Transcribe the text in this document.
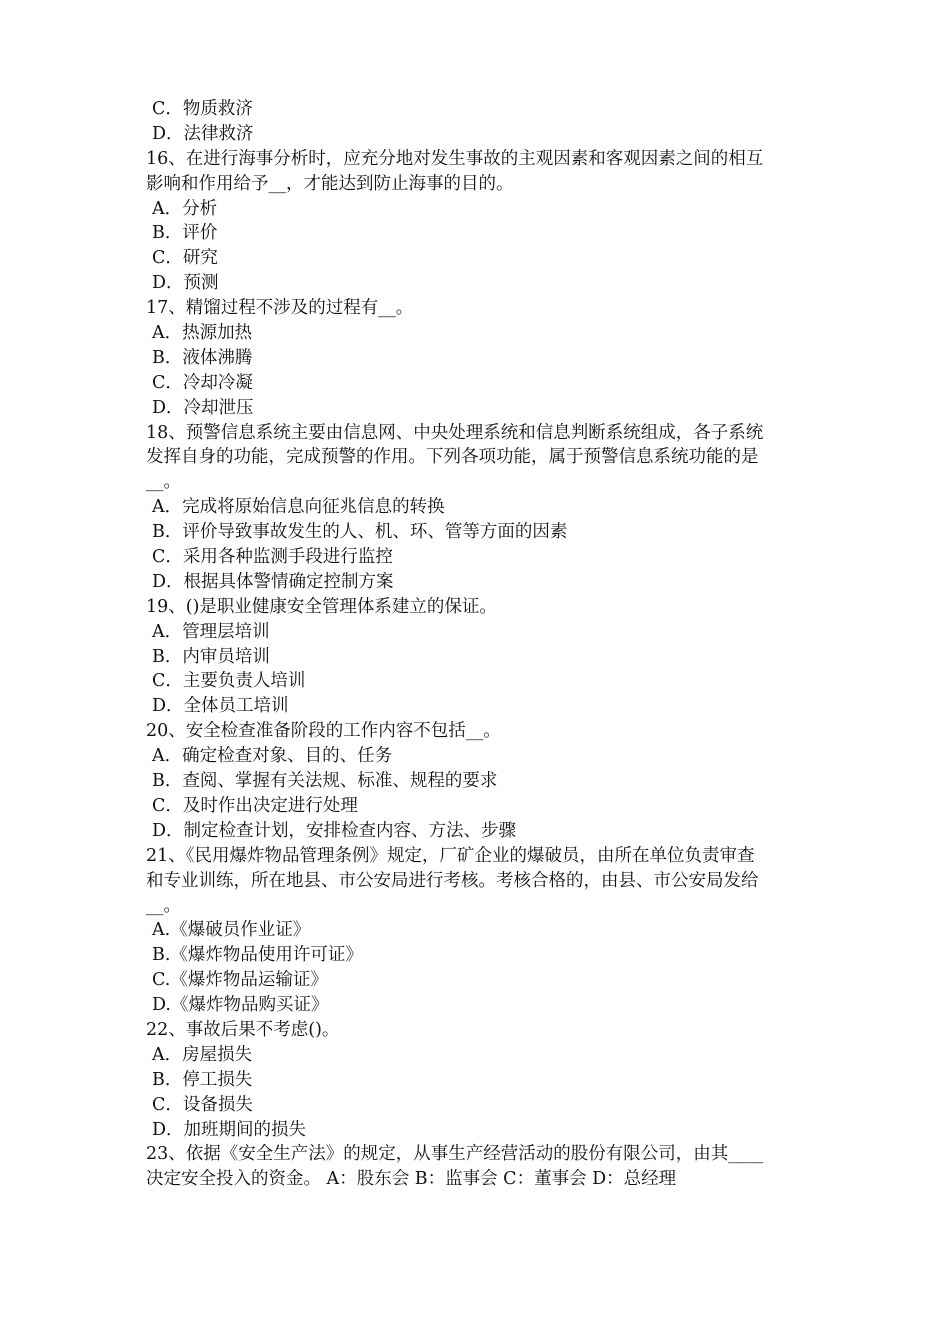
C．物质救济
D．法律救济
16、在进行海事分析时，应充分地对发生事故的主观因素和客观因素之间的相互
影响和作用给予__，才能达到防止海事的目的。
A．分析
B．评价
C．研究
D．预测
17、精馏过程不涉及的过程有__。
A．热源加热
B．液体沸腾
C．冷却冷凝
D．冷却泄压
18、预警信息系统主要由信息网、中央处理系统和信息判断系统组成，各子系统
发挥自身的功能，完成预警的作用。下列各项功能，属于预警信息系统功能的是
__。
A．完成将原始信息向征兆信息的转换
B．评价导致事故发生的人、机、环、管等方面的因素
C．采用各种监测手段进行监控
D．根据具体警情确定控制方案
19、()是职业健康安全管理体系建立的保证。
A．管理层培训
B．内审员培训
C．主要负责人培训
D．全体员工培训
20、安全检查准备阶段的工作内容不包括__。
A．确定检查对象、目的、任务
B．查阅、掌握有关法规、标准、规程的要求
C．及时作出决定进行处理
D．制定检查计划，安排检查内容、方法、步骤
21、《民用爆炸物品管理条例》规定，厂矿企业的爆破员，由所在单位负责审查
和专业训练，所在地县、市公安局进行考核。考核合格的，由县、市公安局发给
__。
A.《爆破员作业证》
B.《爆炸物品使用许可证》
C.《爆炸物品运输证》
D.《爆炸物品购买证》
22、事故后果不考虑()。
A．房屋损失
B．停工损失
C．设备损失
D．加班期间的损失
23、依据《安全生产法》的规定，从事生产经营活动的股份有限公司，由其____
决定安全投入的资金。 A：股东会 B：监事会 C：董事会 D：总经理
